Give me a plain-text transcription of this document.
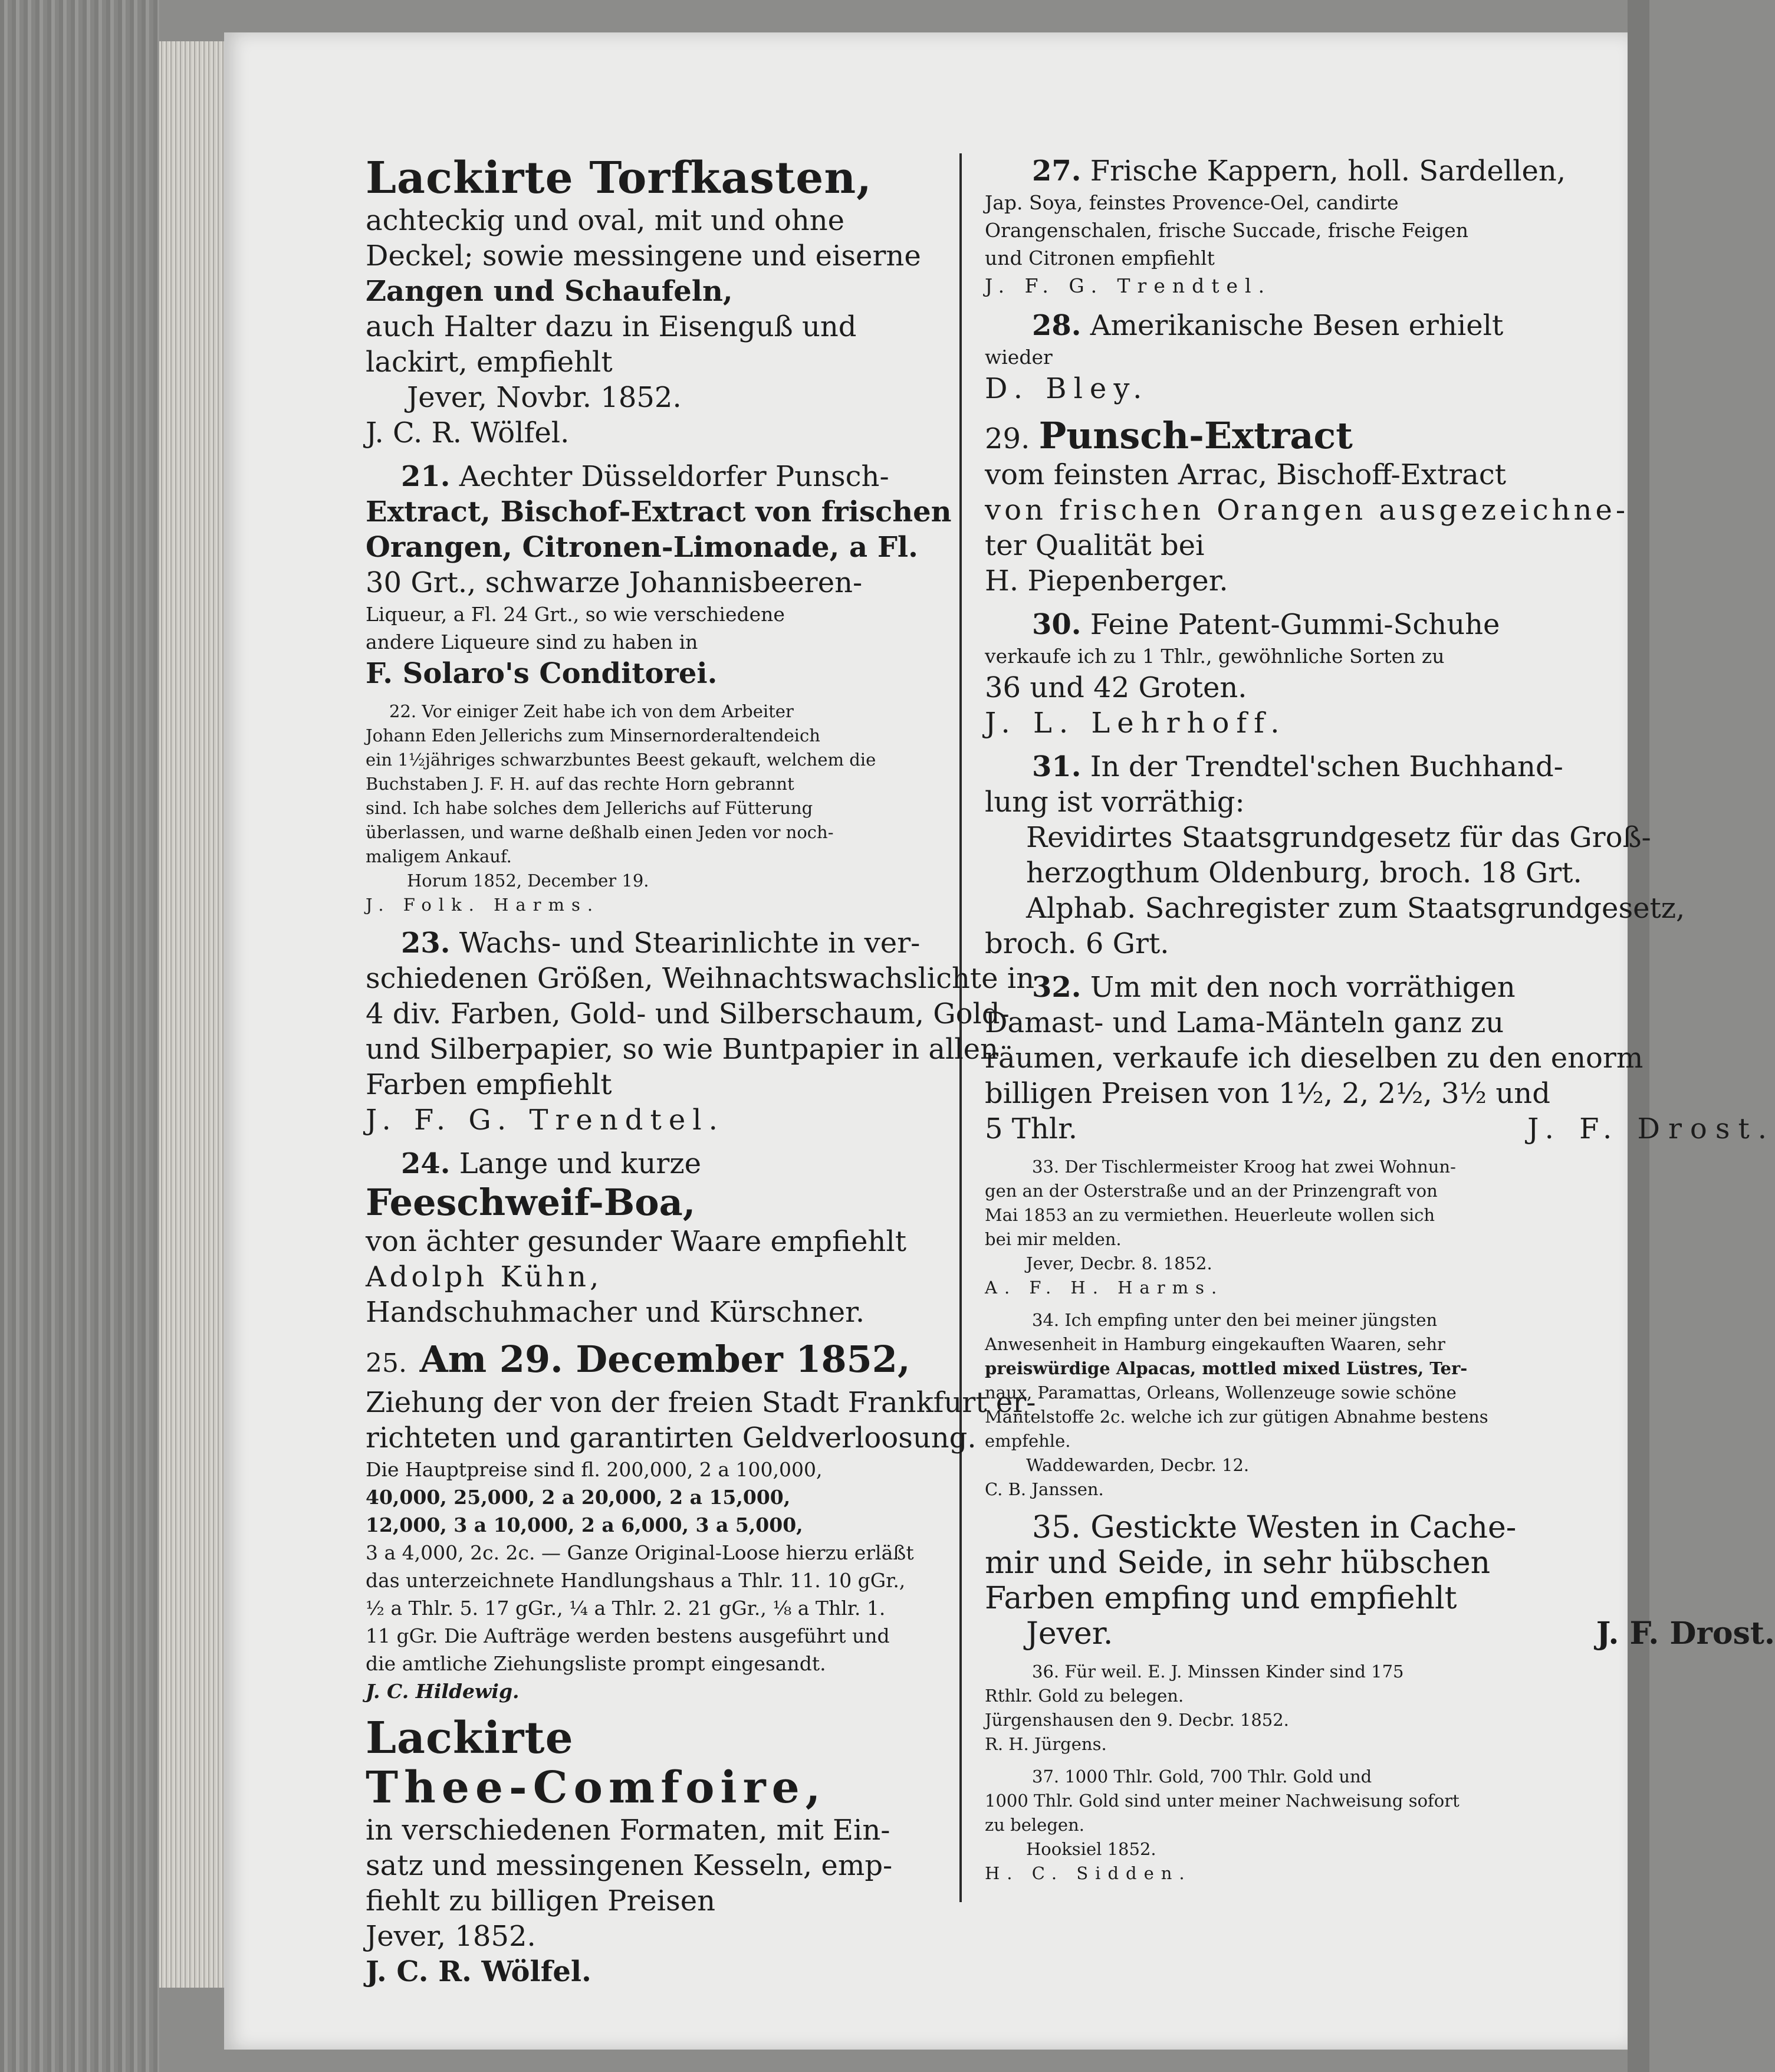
Lackirte Torfkasten,

achteckig und oval, mit und ohne

Deckel; sowie messingene und eiserne

Zangen und Schaufeln,

auch Halter dazu in Eisenguß und

lackirt, empfiehlt

Jever, Novbr. 1852.

J. C. R. Wölfel.

21. Aechter Düsseldorfer Punsch-

Extract, Bischof-Extract von frischen

Orangen, Citronen-Limonade, a Fl.

30 Grt., schwarze Johannisbeeren-

Liqueur, a Fl. 24 Grt., so wie verschiedene

andere Liqueure sind zu haben in

F. Solaro's Conditorei.

22. Vor einiger Zeit habe ich von dem Arbeiter

Johann Eden Jellerichs zum Minsernorderaltendeich

ein 1½jähriges schwarzbuntes Beest gekauft, welchem die

Buchstaben J. F. H. auf das rechte Horn gebrannt

sind. Ich habe solches dem Jellerichs auf Fütterung

überlassen, und warne deßhalb einen Jeden vor noch-

maligem Ankauf.

Horum 1852, December 19.

J. Folk. Harms.

23. Wachs- und Stearinlichte in ver-

schiedenen Größen, Weihnachtswachslichte in

4 div. Farben, Gold- und Silberschaum, Gold-

und Silberpapier, so wie Buntpapier in allen

Farben empfiehlt

J. F. G. Trendtel.

24. Lange und kurze

Feeschweif-Boa,

von ächter gesunder Waare empfiehlt

Adolph Kühn,

Handschuhmacher und Kürschner.

25. Am 29. December 1852,

Ziehung der von der freien Stadt Frankfurt er-

richteten und garantirten Geldverloosung.

Die Hauptpreise sind fl. 200,000, 2 a 100,000,

40,000, 25,000, 2 a 20,000, 2 a 15,000,

12,000, 3 a 10,000, 2 a 6,000, 3 a 5,000,

3 a 4,000, 2c. 2c. — Ganze Original-Loose hierzu erläßt

das unterzeichnete Handlungshaus a Thlr. 11. 10 gGr.,

½ a Thlr. 5. 17 gGr., ¼ a Thlr. 2. 21 gGr., ⅛ a Thlr. 1.

11 gGr. Die Aufträge werden bestens ausgeführt und

die amtliche Ziehungsliste prompt eingesandt.

J. C. Hildewig.

Lackirte

Thee-Comfoire,

in verschiedenen Formaten, mit Ein-

satz und messingenen Kesseln, emp-

fiehlt zu billigen Preisen

Jever, 1852.

J. C. R. Wölfel.

27. Frische Kappern, holl. Sardellen,

Jap. Soya, feinstes Provence-Oel, candirte

Orangenschalen, frische Succade, frische Feigen

und Citronen empfiehlt

J. F. G. Trendtel.

28. Amerikanische Besen erhielt

wieder

D. Bley.

29. Punsch-Extract

vom feinsten Arrac, Bischoff-Extract

von frischen Orangen ausgezeichne-

ter Qualität bei

H. Piepenberger.

30. Feine Patent-Gummi-Schuhe

verkaufe ich zu 1 Thlr., gewöhnliche Sorten zu

36 und 42 Groten.

J. L. Lehrhoff.

31. In der Trendtel'schen Buchhand-

lung ist vorräthig:

Revidirtes Staatsgrundgesetz für das Groß-

herzogthum Oldenburg, broch. 18 Grt.

Alphab. Sachregister zum Staatsgrundgesetz,

broch. 6 Grt.

32. Um mit den noch vorräthigen

Damast- und Lama-Mänteln ganz zu

räumen, verkaufe ich dieselben zu den enorm

billigen Preisen von 1½, 2, 2½, 3½ und

5 Thlr.	J. F. Drost.

33. Der Tischlermeister Kroog hat zwei Wohnun-

gen an der Osterstraße und an der Prinzengraft von

Mai 1853 an zu vermiethen. Heuerleute wollen sich

bei mir melden.

Jever, Decbr. 8. 1852.

A. F. H. Harms.

34. Ich empfing unter den bei meiner jüngsten

Anwesenheit in Hamburg eingekauften Waaren, sehr

preiswürdige Alpacas, mottled mixed Lüstres, Ter-

naux, Paramattas, Orleans, Wollenzeuge sowie schöne

Mantelstoffe 2c. welche ich zur gütigen Abnahme bestens

empfehle.

Waddewarden, Decbr. 12.

C. B. Janssen.

35. Gestickte Westen in Cache-

mir und Seide, in sehr hübschen

Farben empfing und empfiehlt

Jever.	J. F. Drost.

36. Für weil. E. J. Minssen Kinder sind 175

Rthlr. Gold zu belegen.

Jürgenshausen den 9. Decbr. 1852.

R. H. Jürgens.

37. 1000 Thlr. Gold, 700 Thlr. Gold und

1000 Thlr. Gold sind unter meiner Nachweisung sofort

zu belegen.

Hooksiel 1852.

H. C. Sidden.
